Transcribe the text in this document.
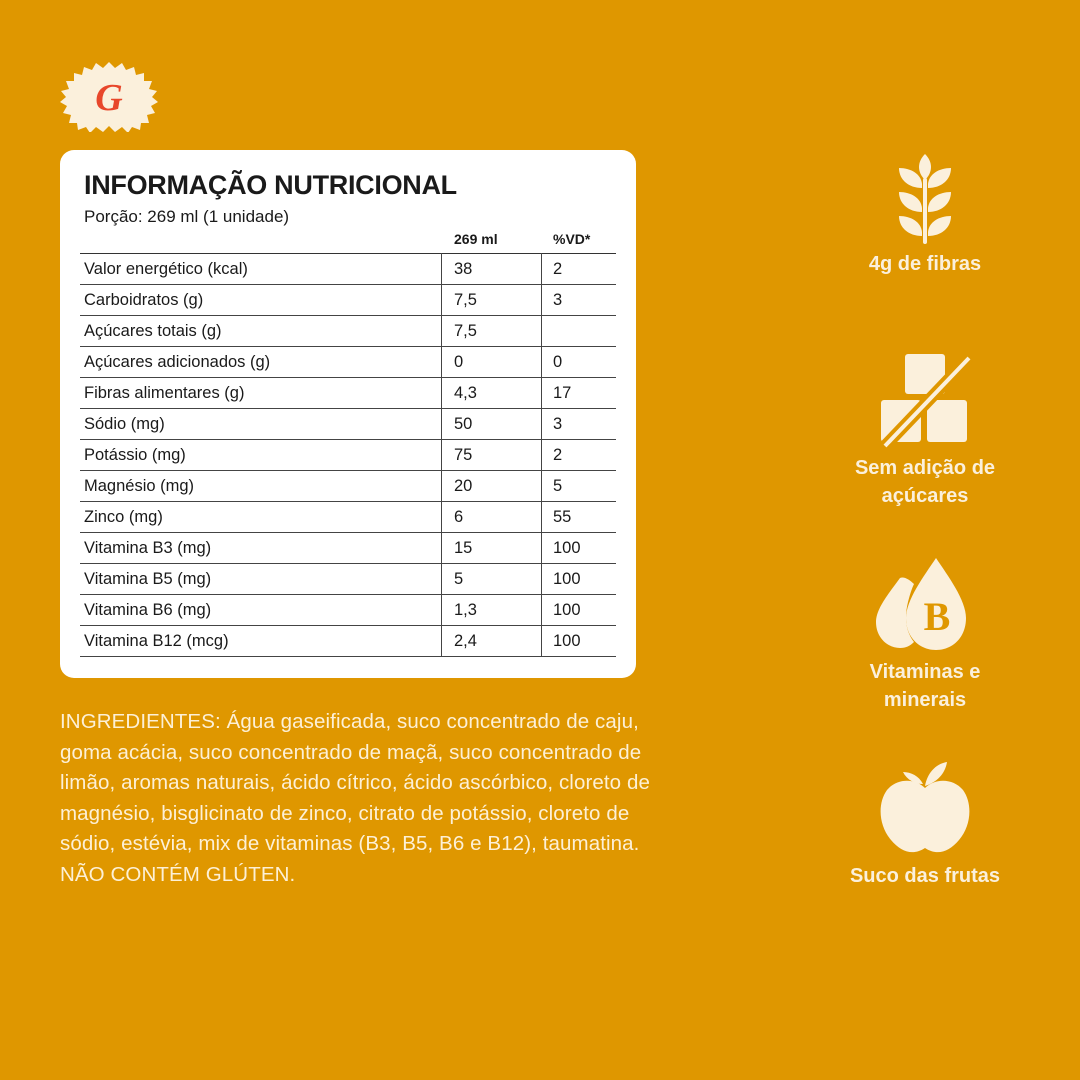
G
INFORMAÇÃO NUTRICIONAL
Porção: 269 ml (1 unidade)
269 ml	%VD*
Valor energético (kcal)	38	2
Carboidratos (g)	7,5	3
Açúcares totais (g)	7,5
Açúcares adicionados (g)	0	0
Fibras alimentares (g)	4,3	17
Sódio (mg)	50	3
Potássio (mg)	75	2
Magnésio (mg)	20	5
Zinco (mg)	6	55
Vitamina B3 (mg)	15	100
Vitamina B5 (mg)	5	100
Vitamina B6 (mg)	1,3	100
Vitamina B12 (mcg)	2,4	100
INGREDIENTES: Água gaseificada, suco concentrado de caju, goma acácia, suco concentrado de maçã, suco concentrado de limão, aromas naturais, ácido cítrico, ácido ascórbico, cloreto de magnésio, bisglicinato de zinco, citrato de potássio, cloreto de sódio, estévia, mix de vitaminas (B3, B5, B6 e B12), taumatina. NÃO CONTÉM GLÚTEN.
4g de fibras
Sem adição de
açúcares
B
Vitaminas e
minerais
Suco das frutas
